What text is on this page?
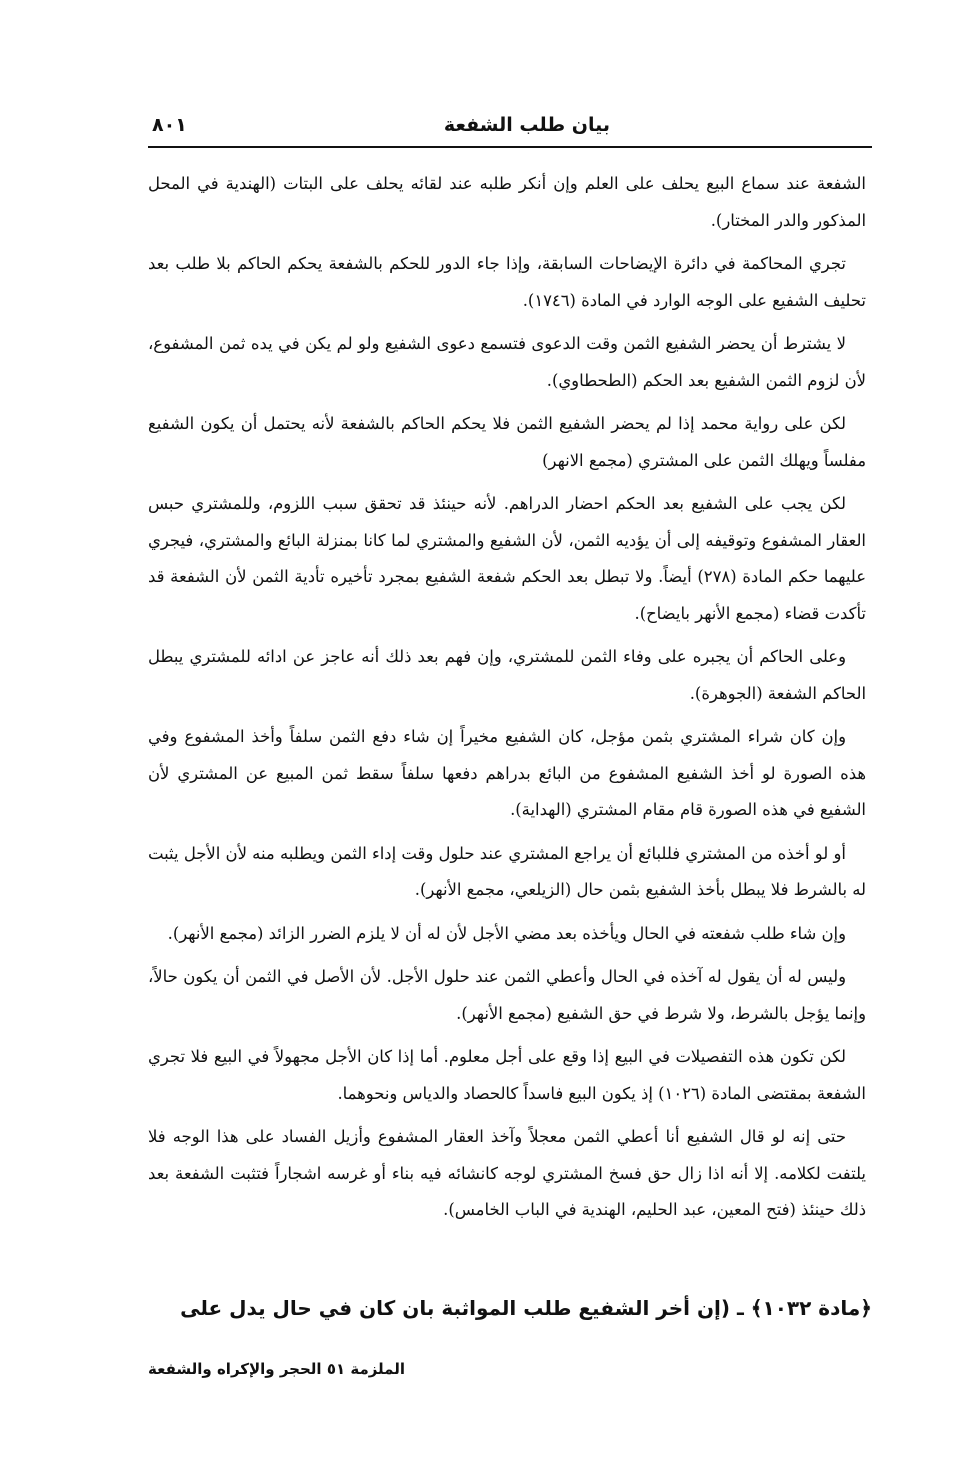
بيان طلب الشفعة
٨٠١

الشفعة عند سماع البيع يحلف على العلم وإن أنكر طلبه عند لقائه يحلف على البتات (الهندية في المحل المذكور والدر المختار).

تجري المحاكمة في دائرة الإيضاحات السابقة، وإذا جاء الدور للحكم بالشفعة يحكم الحاكم بلا طلب بعد تحليف الشفيع على الوجه الوارد في المادة (١٧٤٦).

لا يشترط أن يحضر الشفيع الثمن وقت الدعوى فتسمع دعوى الشفيع ولو لم يكن في يده ثمن المشفوع، لأن لزوم الثمن الشفيع بعد الحكم (الطحطاوي).

لكن على رواية محمد إذا لم يحضر الشفيع الثمن فلا يحكم الحاكم بالشفعة لأنه يحتمل أن يكون الشفيع مفلساً ويهلك الثمن على المشتري (مجمع الانهر)

لكن يجب على الشفيع بعد الحكم احضار الدراهم. لأنه حينئذ قد تحقق سبب اللزوم، وللمشتري حبس العقار المشفوع وتوقيفه إلى أن يؤديه الثمن، لأن الشفيع والمشتري لما كانا بمنزلة البائع والمشتري، فيجري عليهما حكم المادة (٢٧٨) أيضاً. ولا تبطل بعد الحكم شفعة الشفيع بمجرد تأخيره تأدية الثمن لأن الشفعة قد تأكدت قضاء (مجمع الأنهر بايضاح).

وعلى الحاكم أن يجبره على وفاء الثمن للمشتري، وإن فهم بعد ذلك أنه عاجز عن ادائه للمشتري يبطل الحاكم الشفعة (الجوهرة).

وإن كان شراء المشتري بثمن مؤجل، كان الشفيع مخيراً إن شاء دفع الثمن سلفاً وأخذ المشفوع وفي هذه الصورة لو أخذ الشفيع المشفوع من البائع بدراهم دفعها سلفاً سقط ثمن المبيع عن المشتري لأن الشفيع في هذه الصورة قام مقام المشتري (الهداية).

أو لو أخذه من المشتري فللبائع أن يراجع المشتري عند حلول وقت إداء الثمن ويطلبه منه لأن الأجل يثبت له بالشرط فلا يبطل بأخذ الشفيع بثمن حال (الزيلعي، مجمع الأنهر).

وإن شاء طلب شفعته في الحال ويأخذه بعد مضي الأجل لأن له أن لا يلزم الضرر الزائد (مجمع الأنهر).

وليس له أن يقول له آخذه في الحال وأعطي الثمن عند حلول الأجل. لأن الأصل في الثمن أن يكون حالاً، وإنما يؤجل بالشرط، ولا شرط في حق الشفيع (مجمع الأنهر).

لكن تكون هذه التفصيلات في البيع إذا وقع على أجل معلوم. أما إذا كان الأجل مجهولاً في البيع فلا تجري الشفعة بمقتضى المادة (١٠٢٦) إذ يكون البيع فاسداً كالحصاد والدياس ونحوهما.

حتى إنه لو قال الشفيع أنا أعطي الثمن معجلاً وآخذ العقار المشفوع وأزيل الفساد على هذا الوجه فلا يلتفت لكلامه. إلا أنه اذا زال حق فسخ المشتري لوجه كانشائه فيه بناء أو غرسه اشجاراً فتثبت الشفعة بعد ذلك حينئذ (فتح المعين، عبد الحليم، الهندية في الباب الخامس).

﴿مادة ١٠٣٢﴾ ـ (إن أخر الشفيع طلب المواثبة بان كان في حال يدل على
الملزمة ٥١ الحجر والإكراه والشفعة
